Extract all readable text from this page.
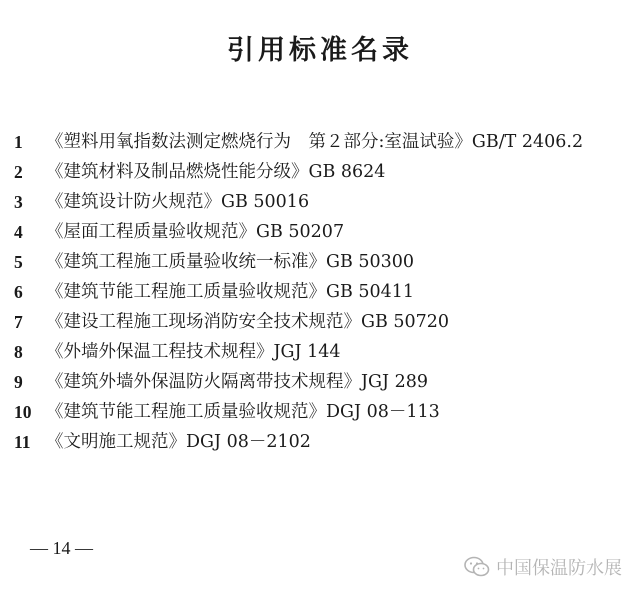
引用标准名录
1	《塑料用氧指数法测定燃烧行为　第２部分:室温试验》GB/T 2406.2
2	《建筑材料及制品燃烧性能分级》GB 8624
3	《建筑设计防火规范》GB 50016
4	《屋面工程质量验收规范》GB 50207
5	《建筑工程施工质量验收统一标准》GB 50300
6	《建筑节能工程施工质量验收规范》GB 50411
7	《建设工程施工现场消防安全技术规范》GB 50720
8	《外墙外保温工程技术规程》JGJ 144
9	《建筑外墙外保温防火隔离带技术规程》JGJ 289
10 《建筑节能工程施工质量验收规范》DGJ 08－113
11 《文明施工规范》DGJ 08－2102
— 14 —
中国保温防水展
